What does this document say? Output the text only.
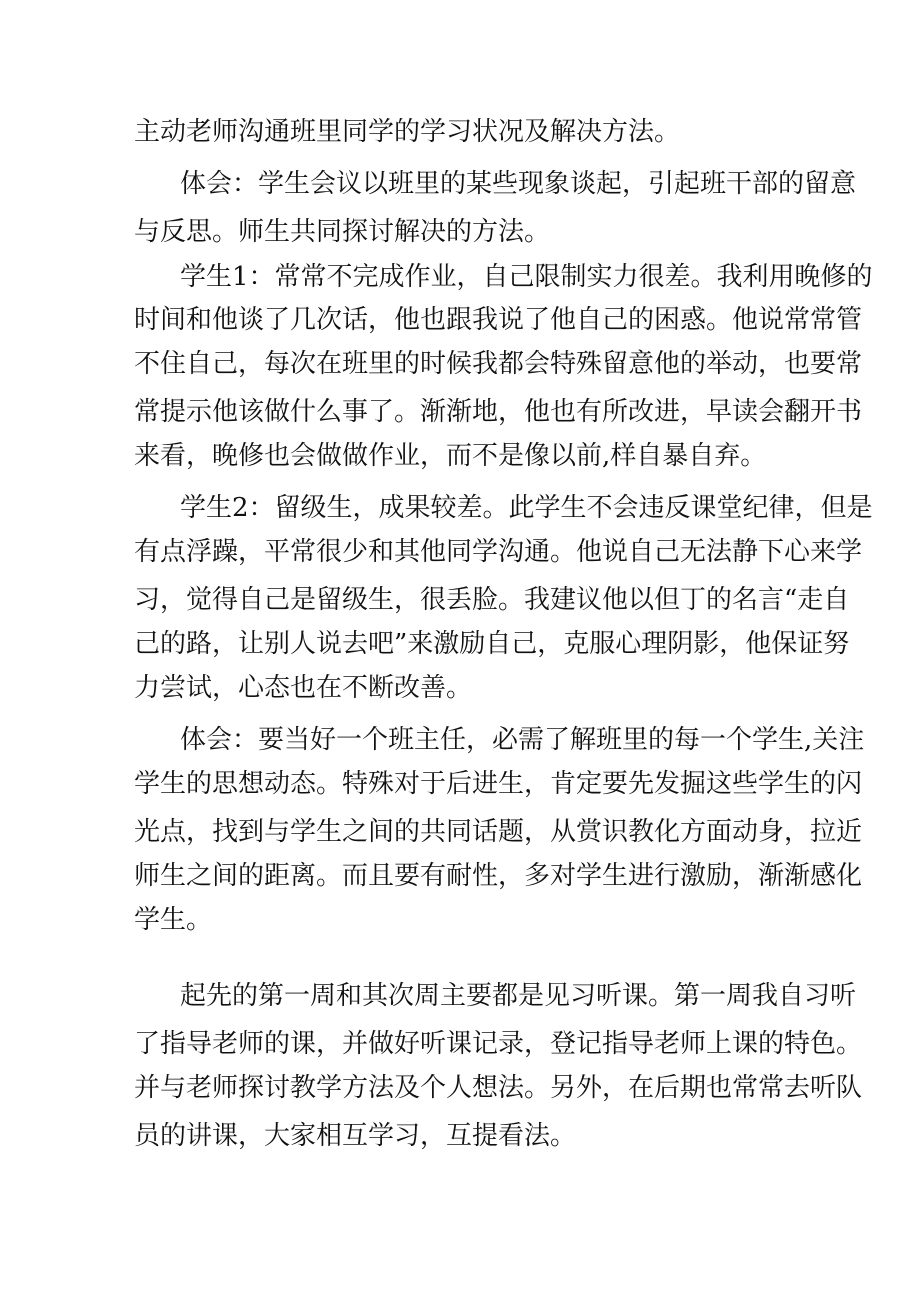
主动老师沟通班里同学的学习状况及解决方法。
体会：学生会议以班里的某些现象谈起，引起班干部的留意
与反思。师生共同探讨解决的方法。
学生1：常常不完成作业，自己限制实力很差。我利用晚修的
时间和他谈了几次话，他也跟我说了他自己的困惑。他说常常管
不住自己，每次在班里的时候我都会特殊留意他的举动，也要常
常提示他该做什么事了。渐渐地，他也有所改进，早读会翻开书
来看，晚修也会做做作业，而不是像以前,样自暴自弃。
学生2：留级生，成果较差。此学生不会违反课堂纪律，但是
有点浮躁，平常很少和其他同学沟通。他说自己无法静下心来学
习，觉得自己是留级生，很丢脸。我建议他以但丁的名言“走自
己的路，让别人说去吧”来激励自己，克服心理阴影，他保证努
力尝试，心态也在不断改善。
体会：要当好一个班主任，必需了解班里的每一个学生,关注
学生的思想动态。特殊对于后进生，肯定要先发掘这些学生的闪
光点，找到与学生之间的共同话题，从赏识教化方面动身，拉近
师生之间的距离。而且要有耐性，多对学生进行激励，渐渐感化
学生。
起先的第一周和其次周主要都是见习听课。第一周我自习听
了指导老师的课，并做好听课记录，登记指导老师上课的特色。
并与老师探讨教学方法及个人想法。另外，在后期也常常去听队
员的讲课，大家相互学习，互提看法。
